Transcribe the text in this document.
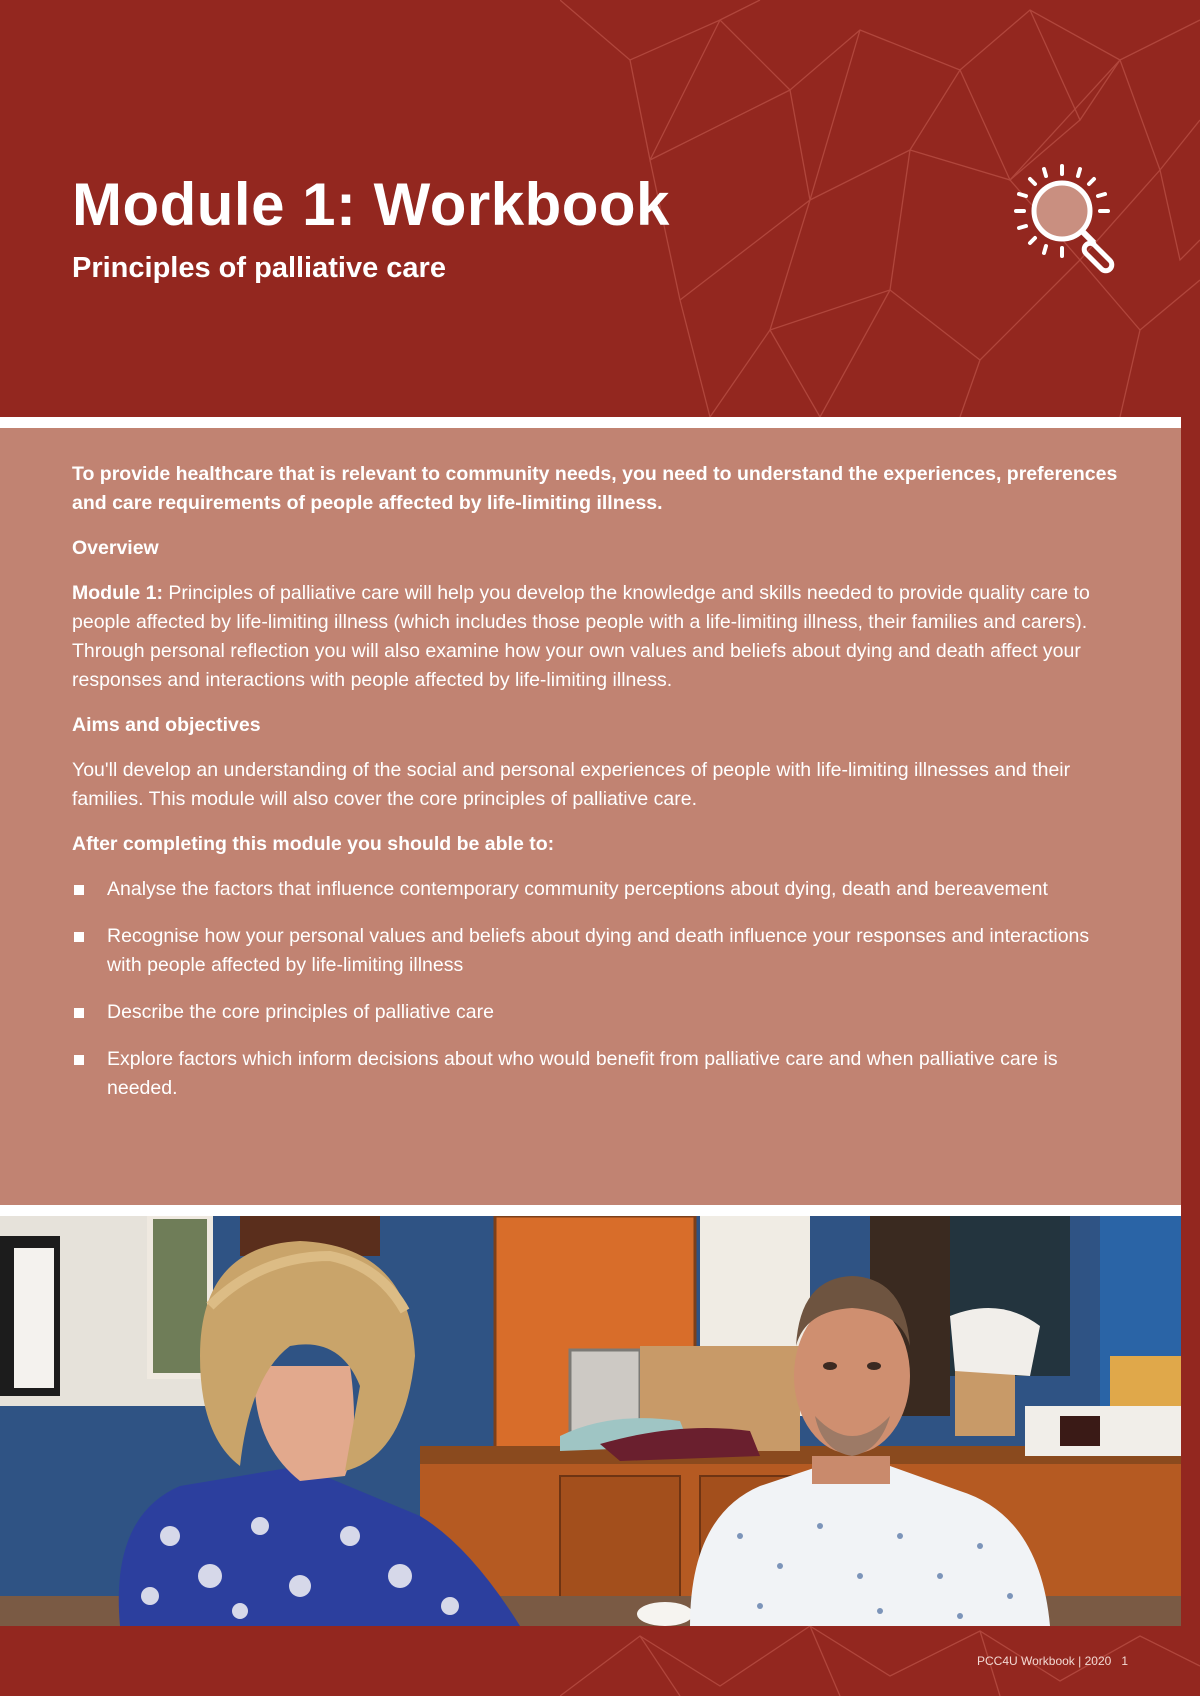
Module 1: Workbook
Principles of palliative care

To provide healthcare that is relevant to community needs, you need to understand the experiences, preferences and care requirements of people affected by life-limiting illness.

Overview

Module 1: Principles of palliative care will help you develop the knowledge and skills needed to provide quality care to people affected by life-limiting illness (which includes those people with a life-limiting illness, their families and carers). Through personal reflection you will also examine how your own values and beliefs about dying and death affect your responses and interactions with people affected by life-limiting illness.

Aims and objectives

You'll develop an understanding of the social and personal experiences of people with life-limiting illnesses and their families. This module will also cover the core principles of palliative care.

After completing this module you should be able to:

Analyse the factors that influence contemporary community perceptions about dying, death and bereavement
Recognise how your personal values and beliefs about dying and death influence your responses and interactions with people affected by life-limiting illness
Describe the core principles of palliative care
Explore factors which inform decisions about who would benefit from palliative care and when palliative care is needed.
PCC4U Workbook | 2020 1
